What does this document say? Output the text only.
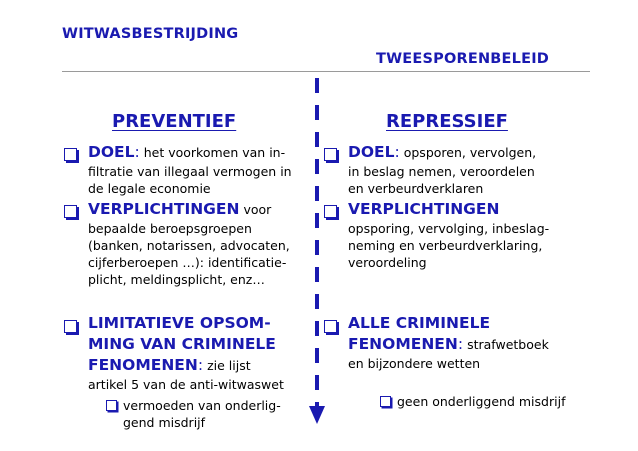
WITWASBESTRIJDING
TWEESPORENBELEID
PREVENTIEF	REPRESSIEF
DOEL: het voorkomen van in-
filtratie van illegaal vermogen in
de legale economie
VERPLICHTINGEN voor
bepaalde beroepsgroepen
(banken, notarissen, advocaten,
cijferberoepen …): identificatie-
plicht, meldingsplicht, enz…
LIMITATIEVE OPSOM-
MING VAN CRIMINELE
FENOMENEN: zie lijst
artikel 5 van de anti-witwaswet
vermoeden van onderlig-
gend misdrijf
DOEL: opsporen, vervolgen,
in beslag nemen, veroordelen
en verbeurdverklaren
VERPLICHTINGEN
opsporing, vervolging, inbeslag-
neming en verbeurdverklaring,
veroordeling
ALLE CRIMINELE
FENOMENEN: strafwetboek
en bijzondere wetten
geen onderliggend misdrijf
